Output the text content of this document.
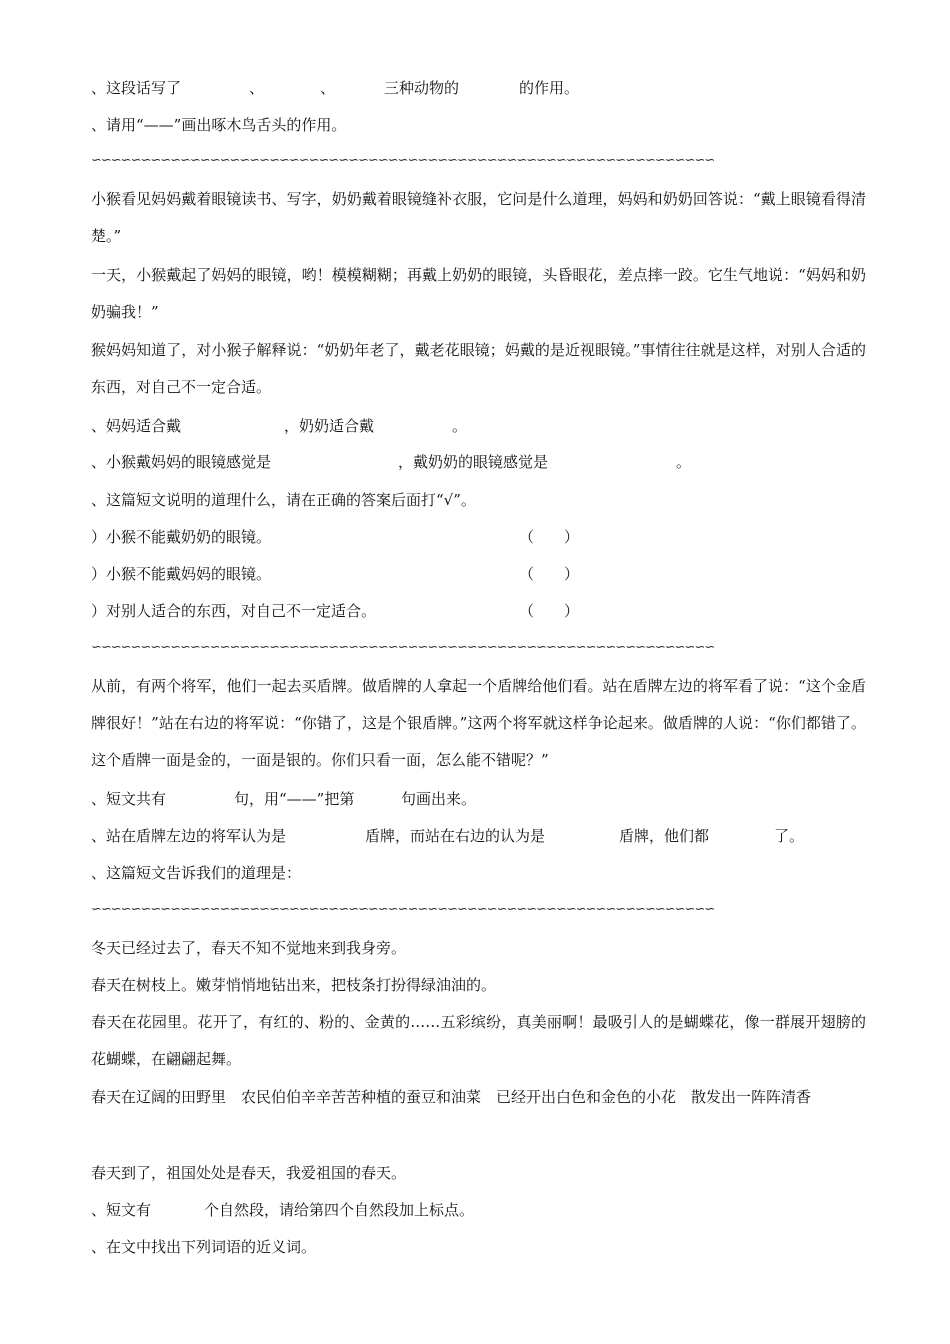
、这段话写了	、	、	三种动物的	的作用。
、请用“——”画出啄木鸟舌头的作用。
∽∽∽∽∽∽∽∽∽∽∽∽∽∽∽∽∽∽∽∽∽∽∽∽∽∽∽∽∽∽∽∽∽∽∽∽∽∽∽∽∽∽∽∽∽∽∽∽∽∽∽∽∽∽∽∽∽∽∽∽∽∽∽
小猴看见妈妈戴着眼镜读书、写字，奶奶戴着眼镜缝补衣服，它问是什么道理，妈妈和奶奶回答说：“戴上眼镜看得清楚。”
一天，小猴戴起了妈妈的眼镜，哟！模模糊糊；再戴上奶奶的眼镜，头昏眼花，差点摔一跤。它生气地说：“妈妈和奶奶骗我！”
猴妈妈知道了，对小猴子解释说：“奶奶年老了，戴老花眼镜；妈戴的是近视眼镜。”事情往往就是这样，对别人合适的东西，对自己不一定合适。
、妈妈适合戴	，奶奶适合戴	。
、小猴戴妈妈的眼镜感觉是	，戴奶奶的眼镜感觉是	。
、这篇短文说明的道理什么，请在正确的答案后面打“√”。
）小猴不能戴奶奶的眼镜。	（　　）
）小猴不能戴妈妈的眼镜。	（　　）
）对别人适合的东西，对自己不一定适合。	（　　）
∽∽∽∽∽∽∽∽∽∽∽∽∽∽∽∽∽∽∽∽∽∽∽∽∽∽∽∽∽∽∽∽∽∽∽∽∽∽∽∽∽∽∽∽∽∽∽∽∽∽∽∽∽∽∽∽∽∽∽∽∽∽∽
从前，有两个将军，他们一起去买盾牌。做盾牌的人拿起一个盾牌给他们看。站在盾牌左边的将军看了说：“这个金盾牌很好！”站在右边的将军说：“你错了，这是个银盾牌。”这两个将军就这样争论起来。做盾牌的人说：“你们都错了。这个盾牌一面是金的，一面是银的。你们只看一面，怎么能不错呢？”
、短文共有	句，用“——”把第	句画出来。
、站在盾牌左边的将军认为是	盾牌，而站在右边的认为是	盾牌，他们都	了。
、这篇短文告诉我们的道理是：
∽∽∽∽∽∽∽∽∽∽∽∽∽∽∽∽∽∽∽∽∽∽∽∽∽∽∽∽∽∽∽∽∽∽∽∽∽∽∽∽∽∽∽∽∽∽∽∽∽∽∽∽∽∽∽∽∽∽∽∽∽∽∽
冬天已经过去了，春天不知不觉地来到我身旁。
春天在树枝上。嫩芽悄悄地钻出来，把枝条打扮得绿油油的。
春天在花园里。花开了，有红的、粉的、金黄的……五彩缤纷，真美丽啊！最吸引人的是蝴蝶花，像一群展开翅膀的花蝴蝶，在翩翩起舞。
春天在辽阔的田野里　农民伯伯辛辛苦苦种植的蚕豆和油菜　已经开出白色和金色的小花　散发出一阵阵清香
春天到了，祖国处处是春天，我爱祖国的春天。
、短文有	个自然段，请给第四个自然段加上标点。
、在文中找出下列词语的近义词。
